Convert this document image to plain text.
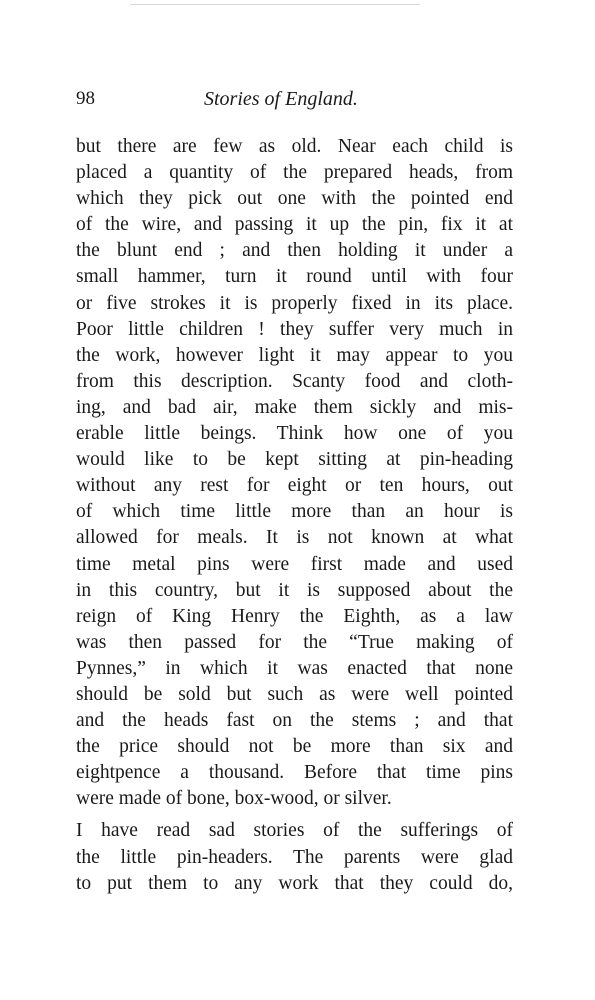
98	Stories of England.
but there are few as old. Near each child is
placed a quantity of the prepared heads, from
which they pick out one with the pointed end
of the wire, and passing it up the pin, fix it at
the blunt end ; and then holding it under a
small hammer, turn it round until with four
or five strokes it is properly fixed in its place.
Poor little children ! they suffer very much in
the work, however light it may appear to you
from this description. Scanty food and cloth-
ing, and bad air, make them sickly and mis-
erable little beings. Think how one of you
would like to be kept sitting at pin-heading
without any rest for eight or ten hours, out
of which time little more than an hour is
allowed for meals. It is not known at what
time metal pins were first made and used
in this country, but it is supposed about the
reign of King Henry the Eighth, as a law
was then passed for the “True making of
Pynnes,” in which it was enacted that none
should be sold but such as were well pointed
and the heads fast on the stems ; and that
the price should not be more than six and
eightpence a thousand. Before that time pins
were made of bone, box-wood, or silver.
I have read sad stories of the sufferings of
the little pin-headers. The parents were glad
to put them to any work that they could do,
